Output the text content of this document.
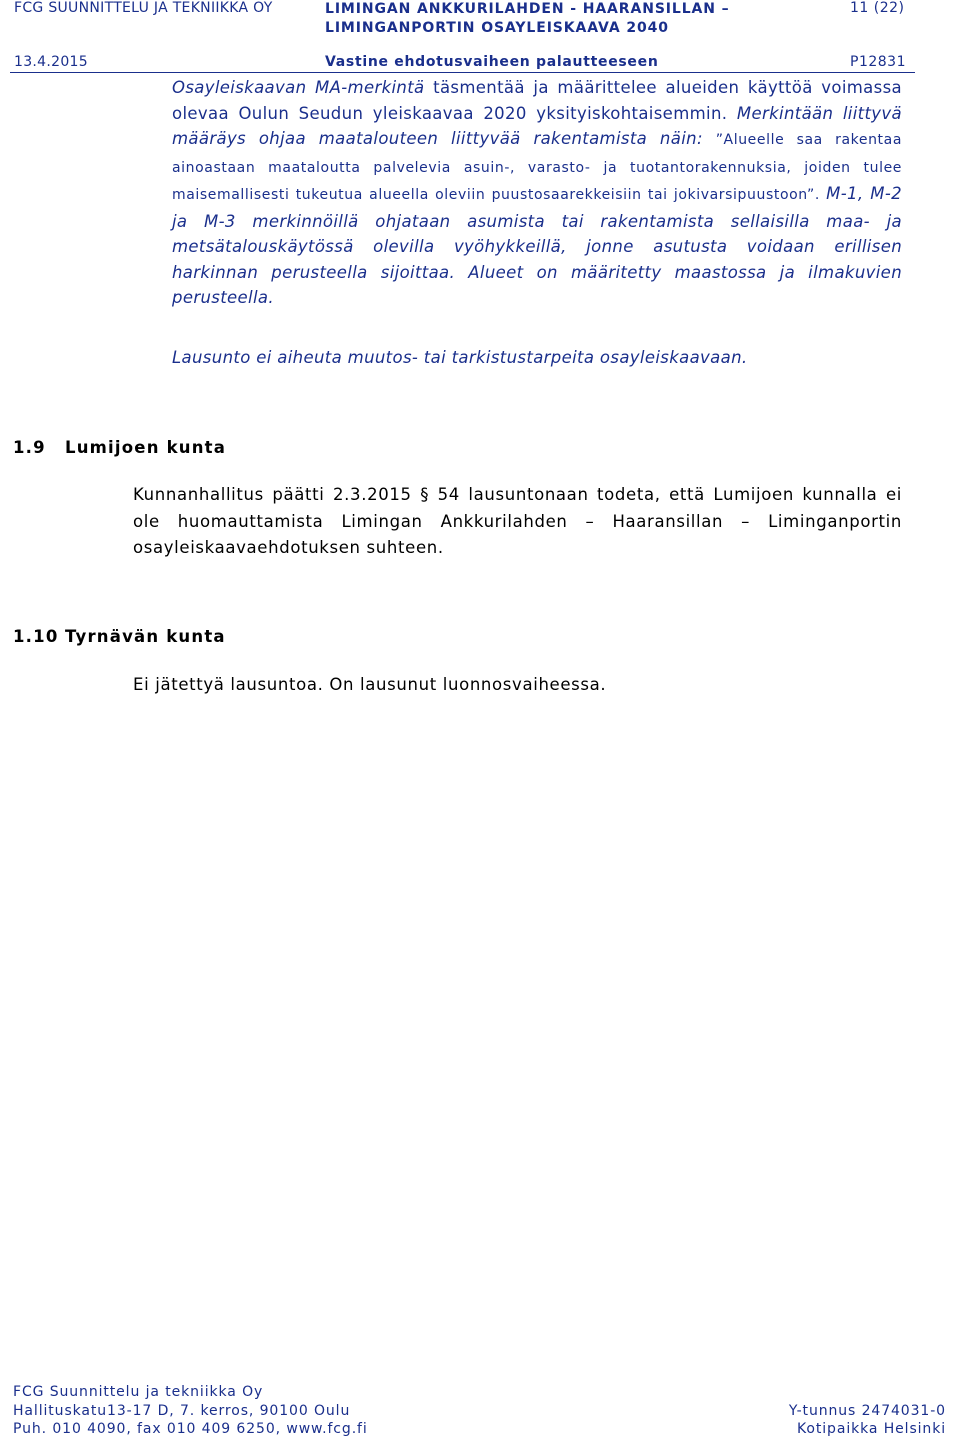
FCG SUUNNITTELU JA TEKNIIKKA OY	LIMINGAN ANKKURILAHDEN - HAARANSILLAN –
LIMINGANPORTIN OSAYLEISKAAVA 2040
11 (22)
13.4.2015	Vastine ehdotusvaiheen palautteeseen	P12831

Osayleiskaavan MA-merkintä täsmentää ja määrittelee alueiden käyttöä voimassa olevaa Oulun Seudun yleiskaavaa 2020 yksityiskohtaisemmin. Merkintään liittyvä määräys ohjaa maatalouteen liittyvää rakentamista näin: ”Alueelle saa rakentaa ainoastaan maataloutta palvelevia asuin-, varasto- ja tuotantorakennuksia, joiden tulee maisemallisesti tukeutua alueella oleviin puustosaarekkeisiin tai jokivarsipuustoon”. M-1, M-2 ja M-3 merkinnöillä ohjataan asumista tai rakentamista sellaisilla maa- ja metsätalouskäytössä olevilla vyöhykkeillä, jonne asutusta voidaan erillisen harkinnan perusteella sijoittaa. Alueet on määritetty maastossa ja ilmakuvien perusteella.

Lausunto ei aiheuta muutos- tai tarkistustarpeita osayleiskaavaan.

1.9 Lumijoen kunta

Kunnanhallitus päätti 2.3.2015 § 54 lausuntonaan todeta, että Lumijoen kunnalla ei ole huomauttamista Limingan Ankkurilahden – Haaransillan – Liminganportin osayleiskaavaehdotuksen suhteen.

1.10 Tyrnävän kunta

Ei jätettyä lausuntoa. On lausunut luonnosvaiheessa.

FCG Suunnittelu ja tekniikka Oy
Hallituskatu13-17 D, 7. kerros, 90100 Oulu
Puh. 010 4090, fax 010 409 6250, www.fcg.fi
Y-tunnus 2474031-0
Kotipaikka Helsinki
